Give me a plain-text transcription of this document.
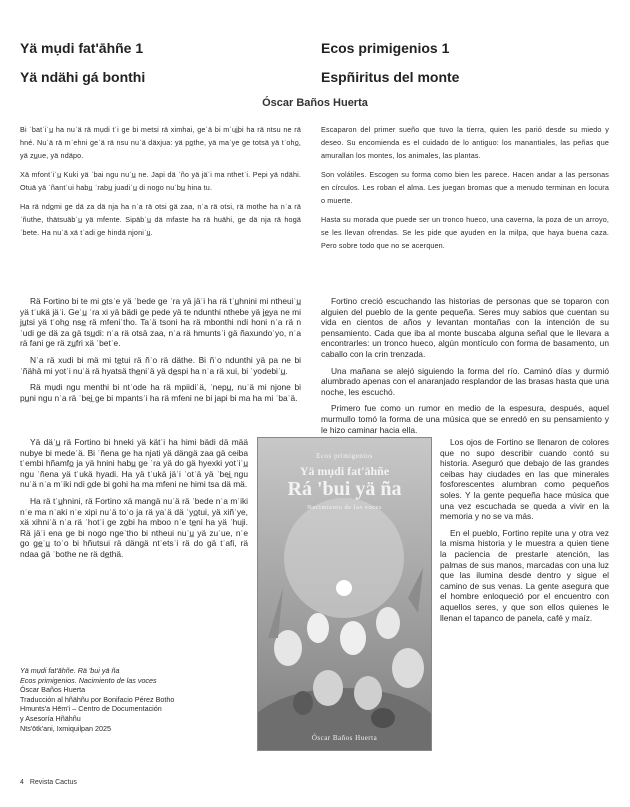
Yä mụdi fat'āhñe 1
Yä ndähi gá bonthi
Ecos primigenios 1
Espñiritus del monte
Óscar Baños Huerta

Bi ˈbatˈiˈu̲ ha nuˈä rä mụdi tˈi ge bi metsi rä ximhai, geˈä bi mˈui̲bi ha rä ntsu ne rä hné. Nuˈä rä mˈehni geˈä rä nsu nuˈä däxjua: yä po̲the, yä maˈye ge totsä yä tˈoho̲, yä zu̲ue, yä ndäpo.

Xä mfontˈiˈu̲ Kuki yä ˈbai ngu nuˈu̲ ne. Japi dä ˈño yä jäˈi ma nthetˈi. Pepi yä ndähi. Otuä yä ˈñantˈui habu̲ ˈrabu̲ juadiˈu̲ di nogo nuˈbu̲ hina tu.

Ha rä ndo̲mi ge dä za dä nja ha nˈa rä otsi gä zaa, nˈa rä otsi, rä mothe ha nˈa rä ˈñuthe, thätsuäbˈu̲ yä mfente. Sipäbˈu̲ dä mfaste ha rä huähi, ge dä nja rä hogä ˈbete. Ha nuˈä xä tˈadi ge hindä njoniˈu̲.

Escaparon del primer sueño que tuvo la tierra, quien les parió desde su miedo y deseo. Su encomienda es el cuidado de lo antiguo: los manantiales, las peñas que amurallan los montes, los animales, las plantas.

Son volátiles. Escogen su forma como bien les parece. Hacen andar a las personas en círculos. Les roban el alma. Les juegan bromas que a menudo terminan en locura o muerte.

Hasta su morada que puede ser un tronco hueco, una caverna, la poza de un arroyo, se les llevan ofrendas. Se les pide que ayuden en la milpa, que haya buena caza. Pero sobre todo que no se acerquen.

Rä Fortino bi te mi o̲tsˈe yä ˈbede ge ˈra yä jäˈi ha rä tˈu̲hnini mi ntheuiˈu̲ yä tˈukä jäˈi. Geˈu̲ ˈra xi yä bädi ge pede yä te ndunthi nthebe yä je̲ya ne mi ju̲tsi yä tˈoho̲ nse̲ rä mfeniˈtho. Taˈä tsoni ha rä mbonthi ndi honi nˈa rä nˈudi ge dä za gä tsu̲di: nˈa rä otsä zaa, nˈa rä hmuntsˈi gä ñaxundoˈyo, nˈa rä fani ge rä zu̲fri xä ˈbetˈe.

Nˈa rä xudi bi mä mi te̲tui rä ñˈo rä däthe. Bi ñˈo ndunthi yä pa ne bi ˈñähä mi yotˈi nuˈä rä hyatsä the̲niˈä yä de̲spi ha nˈa rä xui, bi ˈyodebiˈu̲.

Rä mụdi ngu menthi bi ntˈode ha rä mpiidiˈä, ˈnepu̲, nuˈä mi njone bi pu̲ni ngu nˈa rä ˈbei̲ ge bi mpantsˈi ha rä mfeni ne bi japi bi ma ha mi ˈbaˈä.

Yä däˈu̲ rä Fortino bi hneki yä kätˈi ha himi bädi dä mää nubye bi medeˈä. Bi ˈñena ge ha njati yä dängä zaa gä ceiba tˈembi hñamfo̲ ja yä hnini habu̲ ge ˈra yä do gä hyexki yotˈiˈu̲ ngu ˈñena yä tˈukä hyadi. Ha yä tˈukä jäˈi ˈotˈä yä ˈbei̲ ngu nuˈä nˈa mˈiki ndi o̲de bi gohi ha ma mfeni ne himi tsa dä mä.

Ha rä tˈu̲hnini, rä Fortino xä mangä nuˈä rä ˈbede nˈa mˈiki nˈe ma nˈaki nˈe xipi nuˈä toˈo ja rä yaˈä dä ˈyo̲tui, yä xiñˈye, xä xihniˈä nˈa rä ˈhotˈi ge zo̲bi ha mboo nˈe te̲ni ha yä ˈhuji. Rä jäˈi ena ge bi nogo ngeˈtho bi ntheui nuˈu̲ yä zuˈue, nˈe go ge̲ˈu̲ toˈo bi hñutsui rä dängä ntˈetsˈi rä do gä tˈafi, rä ndaa gä ˈbothe ne rä de̲thä.

Yä mụdi fat'āhñe. Rä 'bui yä ña

Ecos primigenios. Nacimiento de las voces

Óscar Baños Huerta

Traducción al hñähñu por Bonifacio Pérez Botho

Hmunts'a Hēm'i – Centro de Documentación

y Asesoría Hñähñu

Nts'ōtk'ani, Ixmiquilpan 2025

Fortino creció escuchando las historias de personas que se toparon con alguien del pueblo de la gente pequeña. Seres muy sabios que cuentan su vida en cientos de años y levantan montañas con la intención de su pensamiento. Cada que iba al monte buscaba alguna señal que le llevara a encontrarles: un tronco hueco, algún montículo con forma de basamento, un caballo con la crin trenzada.

Una mañana se alejó siguiendo la forma del río. Caminó días y durmió alumbrado apenas con el anaranjado resplandor de las brasas hasta que una noche, les escuchó.

Primero fue como un rumor en medio de la espesura, después, aquel murmullo tomó la forma de una música que se enredó en su pensamiento y le hizo caminar hacia ella.

Los ojos de Fortino se llenaron de colores que no supo describir cuando contó su historia. Aseguró que debajo de las grandes ceibas hay ciudades en las que minerales fosforescentes alumbran como pequeños soles. Y la gente pequeña hace música que una vez escuchada se queda a vivir en la memoria y no se va más.

En el pueblo, Fortino repite una y otra vez la misma historia y le muestra a quien tiene la paciencia de prestarle atención, las palmas de sus manos, marcadas con una luz que las ilumina desde dentro y sigue el camino de sus venas. La gente asegura que el hombre enloqueció por el encuentro con aquellos seres, y que son ellos quienes le llenan el tapanco de panela, café y maíz.

Ecos primigenios
Yä mụdi fat'āhñe
Rá 'bui yä ña
Nacimiento de las voces
Óscar Baños Huerta
4 Revista Cactus
